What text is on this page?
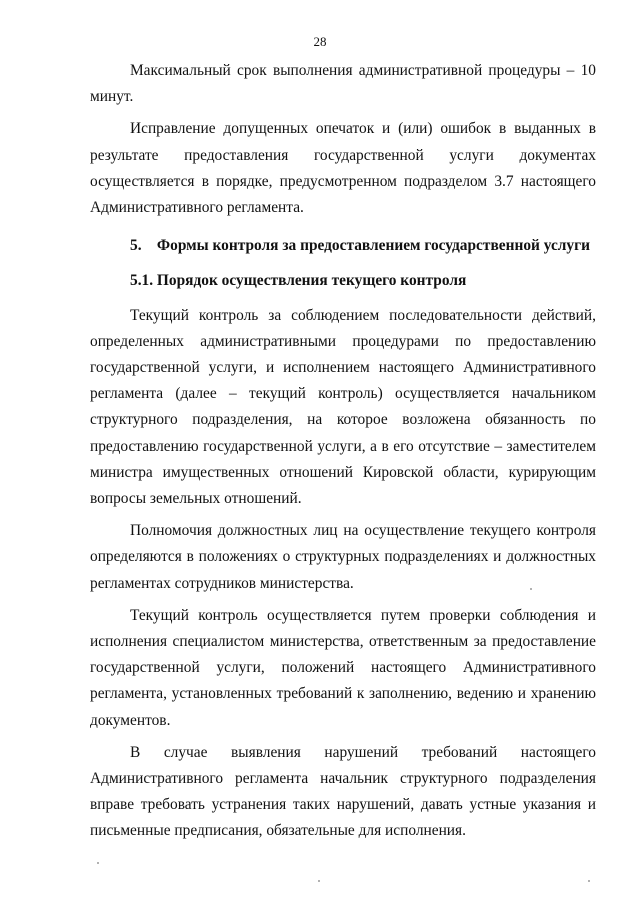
28

Максимальный срок выполнения административной процедуры – 10 минут.

Исправление допущенных опечаток и (или) ошибок в выданных в результате предоставления государственной услуги документах осуществляется в порядке, предусмотренном подразделом 3.7 настоящего Административного регламента.

5. Формы контроля за предоставлением государственной услуги

5.1. Порядок осуществления текущего контроля

Текущий контроль за соблюдением последовательности действий, определенных административными процедурами по предоставлению государственной услуги, и исполнением настоящего Административного регламента (далее – текущий контроль) осуществляется начальником структурного подразделения, на которое возложена обязанность по предоставлению государственной услуги, а в его отсутствие – заместителем министра имущественных отношений Кировской области, курирующим вопросы земельных отношений.

Полномочия должностных лиц на осуществление текущего контроля определяются в положениях о структурных подразделениях и должностных регламентах сотрудников министерства.

Текущий контроль осуществляется путем проверки соблюдения и исполнения специалистом министерства, ответственным за предоставление государственной услуги, положений настоящего Административного регламента, установленных требований к заполнению, ведению и хранению документов.

В случае выявления нарушений требований настоящего Административного регламента начальник структурного подразделения вправе требовать устранения таких нарушений, давать устные указания и письменные предписания, обязательные для исполнения.
